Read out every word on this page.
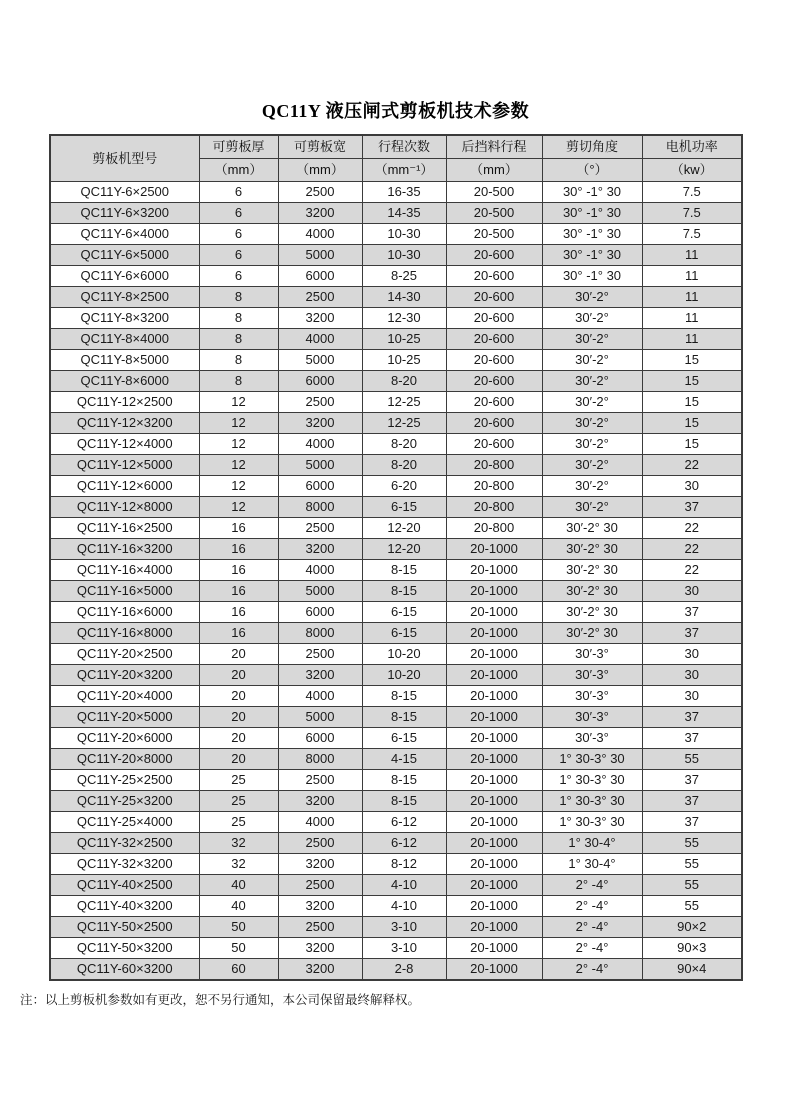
QC11Y 液压闸式剪板机技术参数
剪板机型号	可剪板厚	可剪板宽	行程次数	后挡料行程	剪切角度	电机功率
	（mm）	（mm）	（mm⁻¹）	（mm）	（°）	（kw）
QC11Y-6×2500	6	2500	16-35	20-500	30° -1° 30	7.5
QC11Y-6×3200	6	3200	14-35	20-500	30° -1° 30	7.5
QC11Y-6×4000	6	4000	10-30	20-500	30° -1° 30	7.5
QC11Y-6×5000	6	5000	10-30	20-600	30° -1° 30	11
QC11Y-6×6000	6	6000	8-25	20-600	30° -1° 30	11
QC11Y-8×2500	8	2500	14-30	20-600	30′-2°	11
QC11Y-8×3200	8	3200	12-30	20-600	30′-2°	11
QC11Y-8×4000	8	4000	10-25	20-600	30′-2°	11
QC11Y-8×5000	8	5000	10-25	20-600	30′-2°	15
QC11Y-8×6000	8	6000	8-20	20-600	30′-2°	15
QC11Y-12×2500	12	2500	12-25	20-600	30′-2°	15
QC11Y-12×3200	12	3200	12-25	20-600	30′-2°	15
QC11Y-12×4000	12	4000	8-20	20-600	30′-2°	15
QC11Y-12×5000	12	5000	8-20	20-800	30′-2°	22
QC11Y-12×6000	12	6000	6-20	20-800	30′-2°	30
QC11Y-12×8000	12	8000	6-15	20-800	30′-2°	37
QC11Y-16×2500	16	2500	12-20	20-800	30′-2° 30	22
QC11Y-16×3200	16	3200	12-20	20-1000	30′-2° 30	22
QC11Y-16×4000	16	4000	8-15	20-1000	30′-2° 30	22
QC11Y-16×5000	16	5000	8-15	20-1000	30′-2° 30	30
QC11Y-16×6000	16	6000	6-15	20-1000	30′-2° 30	37
QC11Y-16×8000	16	8000	6-15	20-1000	30′-2° 30	37
QC11Y-20×2500	20	2500	10-20	20-1000	30′-3°	30
QC11Y-20×3200	20	3200	10-20	20-1000	30′-3°	30
QC11Y-20×4000	20	4000	8-15	20-1000	30′-3°	30
QC11Y-20×5000	20	5000	8-15	20-1000	30′-3°	37
QC11Y-20×6000	20	6000	6-15	20-1000	30′-3°	37
QC11Y-20×8000	20	8000	4-15	20-1000	1° 30-3° 30	55
QC11Y-25×2500	25	2500	8-15	20-1000	1° 30-3° 30	37
QC11Y-25×3200	25	3200	8-15	20-1000	1° 30-3° 30	37
QC11Y-25×4000	25	4000	6-12	20-1000	1° 30-3° 30	37
QC11Y-32×2500	32	2500	6-12	20-1000	1° 30-4°	55
QC11Y-32×3200	32	3200	8-12	20-1000	1° 30-4°	55
QC11Y-40×2500	40	2500	4-10	20-1000	2° -4°	55
QC11Y-40×3200	40	3200	4-10	20-1000	2° -4°	55
QC11Y-50×2500	50	2500	3-10	20-1000	2° -4°	90×2
QC11Y-50×3200	50	3200	3-10	20-1000	2° -4°	90×3
QC11Y-60×3200	60	3200	2-8	20-1000	2° -4°	90×4

注：以上剪板机参数如有更改，恕不另行通知，本公司保留最终解释权。
